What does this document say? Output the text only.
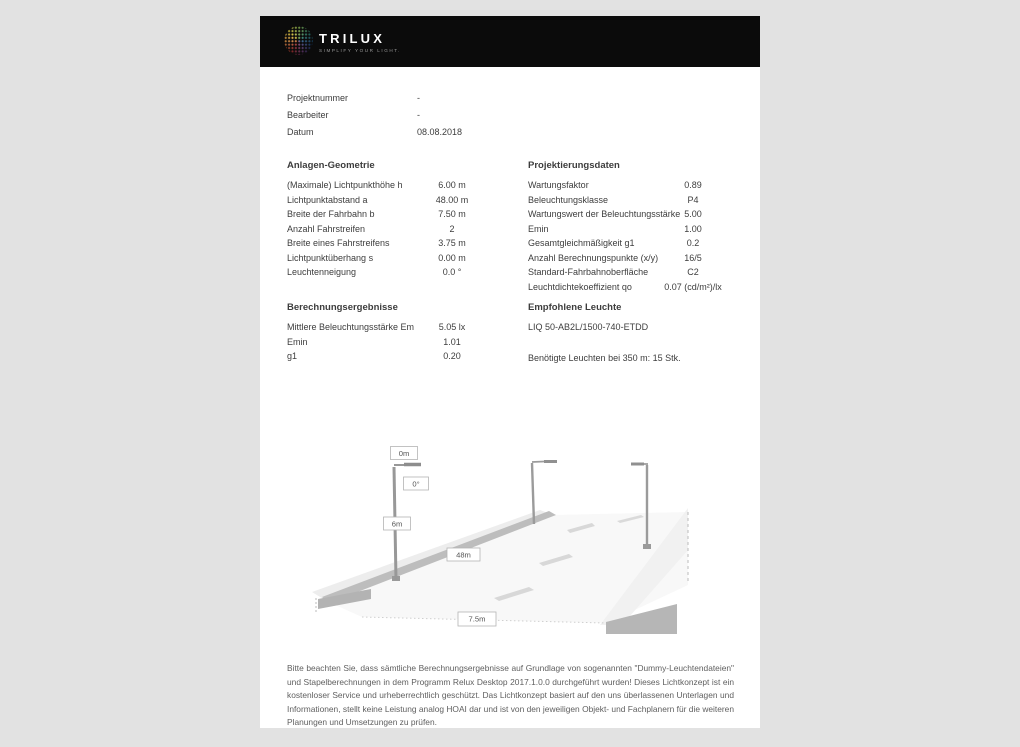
TRILUX
SIMPLIFY YOUR LIGHT.
Projektnummer	-
Bearbeiter	-
Datum	08.08.2018
Anlagen-Geometrie
(Maximale) Lichtpunkthöhe h	6.00 m
Lichtpunktabstand a	48.00 m
Breite der Fahrbahn b	7.50 m
Anzahl Fahrstreifen	2
Breite eines Fahrstreifens	3.75 m
Lichtpunktüberhang s	0.00 m
Leuchtenneigung	0.0 °
Projektierungsdaten
Wartungsfaktor	0.89
Beleuchtungsklasse	P4
Wartungswert der Beleuchtungsstärke 5.00
Emin	1.00
Gesamtgleichmäßigkeit g1	0.2
Anzahl Berechnungspunkte (x/y)	16/5
Standard-Fahrbahnoberfläche	C2
Leuchtdichtekoeffizient qo	0.07 (cd/m²)/lx
Berechnungsergebnisse
Mittlere Beleuchtungsstärke Em	5.05 lx
Emin	1.01
g1	0.20
Empfohlene Leuchte
LIQ 50-AB2L/1500-740-ETDD
Benötigte Leuchten bei 350 m: 15 Stk.
0m
0°
6m
48m
7.5m
Bitte beachten Sie, dass sämtliche Berechnungsergebnisse auf Grundlage von sogenannten "Dummy-Leuchtendateien" und Stapelberechnungen in dem Programm Relux Desktop 2017.1.0.0 durchgeführt wurden! Dieses Lichtkonzept ist ein kostenloser Service und urheberrechtlich geschützt. Das Lichtkonzept basiert auf den uns überlassenen Unterlagen und Informationen, stellt keine Leistung analog HOAI dar und ist von den jeweiligen Objekt- und Fachplanern für die weiteren Planungen und Umsetzungen zu prüfen.
